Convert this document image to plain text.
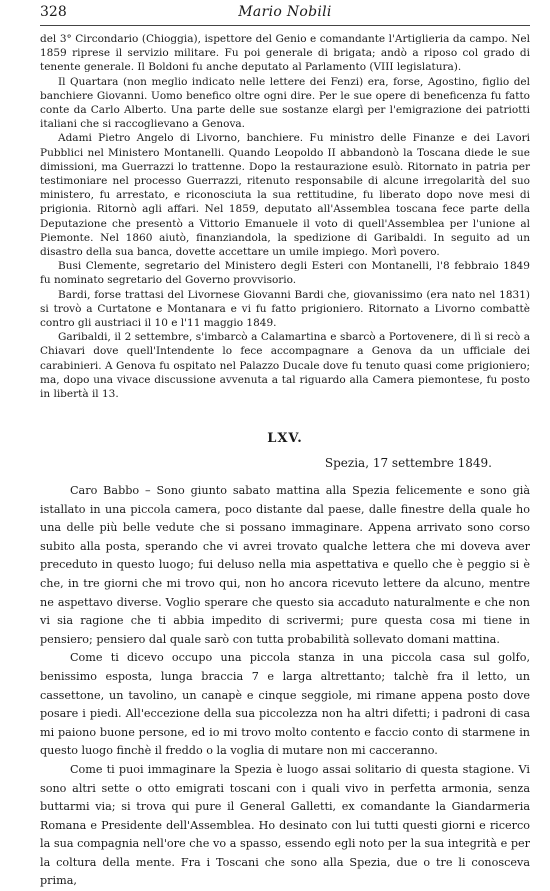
328	Mario Nobili

del 3° Circondario (Chioggia), ispettore del Genio e comandante l'Artiglieria da campo. Nel 1859 riprese il servizio militare. Fu poi generale di brigata; andò a riposo col grado di tenente generale. Il Boldoni fu anche deputato al Parlamento (VIII legislatura).

Il Quartara (non meglio indicato nelle lettere dei Fenzi) era, forse, Agostino, figlio del banchiere Giovanni. Uomo benefico oltre ogni dire. Per le sue opere di beneficenza fu fatto conte da Carlo Alberto. Una parte delle sue sostanze elargì per l'emigrazione dei patriotti italiani che si raccoglievano a Genova.

Adami Pietro Angelo di Livorno, banchiere. Fu ministro delle Finanze e dei Lavori Pubblici nel Ministero Montanelli. Quando Leopoldo II abbandonò la Toscana diede le sue dimissioni, ma Guerrazzi lo trattenne. Dopo la restaurazione esulò. Ritornato in patria per testimoniare nel processo Guerrazzi, ritenuto responsabile di alcune irregolarità del suo ministero, fu arrestato, e riconosciuta la sua rettitudine, fu liberato dopo nove mesi di prigionia. Ritornò agli affari. Nel 1859, deputato all'Assemblea toscana fece parte della Deputazione che presentò a Vittorio Emanuele il voto di quell'Assemblea per l'unione al Piemonte. Nel 1860 aiutò, finanziandola, la spedizione di Garibaldi. In seguito ad un disastro della sua banca, dovette accettare un umile impiego. Morì povero.

Busi Clemente, segretario del Ministero degli Esteri con Montanelli, l'8 febbraio 1849 fu nominato segretario del Governo provvisorio.

Bardi, forse trattasi del Livornese Giovanni Bardi che, giovanissimo (era nato nel 1831) si trovò a Curtatone e Montanara e vi fu fatto prigioniero. Ritornato a Livorno combattè contro gli austriaci il 10 e l'11 maggio 1849.

Garibaldi, il 2 settembre, s'imbarcò a Calamartina e sbarcò a Portovenere, di lì si recò a Chiavari dove quell'Intendente lo fece accompagnare a Genova da un ufficiale dei carabinieri. A Genova fu ospitato nel Palazzo Ducale dove fu tenuto quasi come prigioniero; ma, dopo una vivace discussione avvenuta a tal riguardo alla Camera piemontese, fu posto in libertà il 13.

LXV.
Spezia, 17 settembre 1849.

Caro Babbo – Sono giunto sabato mattina alla Spezia felicemente e sono già istallato in una piccola camera, poco distante dal paese, dalle finestre della quale ho una delle più belle vedute che si possano immaginare. Appena arrivato sono corso subito alla posta, sperando che vi avrei trovato qualche lettera che mi doveva aver preceduto in questo luogo; fui deluso nella mia aspettativa e quello che è peggio si è che, in tre giorni che mi trovo qui, non ho ancora ricevuto lettere da alcuno, mentre ne aspettavo diverse. Voglio sperare che questo sia accaduto naturalmente e che non vi sia ragione che ti abbia impedito di scrivermi; pure questa cosa mi tiene in pensiero; pensiero dal quale sarò con tutta probabilità sollevato domani mattina.

Come ti dicevo occupo una piccola stanza in una piccola casa sul golfo, benissimo esposta, lunga braccia 7 e larga altrettanto; talchè fra il letto, un cassettone, un tavolino, un canapè e cinque seggiole, mi rimane appena posto dove posare i piedi. All'eccezione della sua piccolezza non ha altri difetti; i padroni di casa mi paiono buone persone, ed io mi trovo molto contento e faccio conto di starmene in questo luogo finchè il freddo o la voglia di mutare non mi cacceranno.

Come ti puoi immaginare la Spezia è luogo assai solitario di questa stagione. Vi sono altri sette o otto emigrati toscani con i quali vivo in perfetta armonia, senza buttarmi via; si trova qui pure il General Galletti, ex comandante la Giandarmeria Romana e Presidente dell'Assemblea. Ho desinato con lui tutti questi giorni e ricerco la sua compagnia nell'ore che vo a spasso, essendo egli noto per la sua integrità e per la coltura della mente. Fra i Toscani che sono alla Spezia, due o tre li conosceva prima,
